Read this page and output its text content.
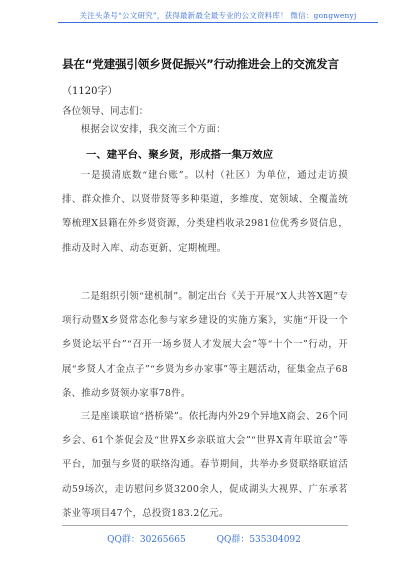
关注头条号“公文研究”，获得最新最全最专业的公文资料库！ 微信：gongwenyj
县在“党建强引领乡贤促振兴”行动推进会上的交流发言
（1120字）
各位领导、同志们：
根据会议安排，我交流三个方面：
一、建平台、聚乡贤，形成搭一集万效应
一是摸清底数“建台账”。以村（社区）为单位，通过走访摸排、群众推介、以贤带贤等多种渠道，多维度、宽领域、全覆盖统筹梳理X县籍在外乡贤资源，分类建档收录2981位优秀乡贤信息，推动及时入库、动态更新、定期梳理。
二是组织引领“建机制”。制定出台《关于开展“X人共答X题”专项行动暨X乡贤常态化参与家乡建设的实施方案》，实施“开设一个乡贤论坛平台”“召开一场乡贤人才发展大会”等“十个一”行动，开展“乡贤人才金点子”“乡贤为乡办家事”等主题活动，征集金点子68条、推动乡贤领办家事78件。
三是座谈联谊“搭桥梁”。依托海内外29个异地X商会、26个同乡会、61个茶促会及“世界X乡亲联谊大会”“世界X青年联谊会”等平台，加强与乡贤的联络沟通。春节期间，共举办乡贤联络联谊活动59场次，走访慰问乡贤3200余人，促成湖头大视界、广东承茗茶业等项目47个，总投资183.2亿元。
QQ群：30265665	QQ群：535304092
